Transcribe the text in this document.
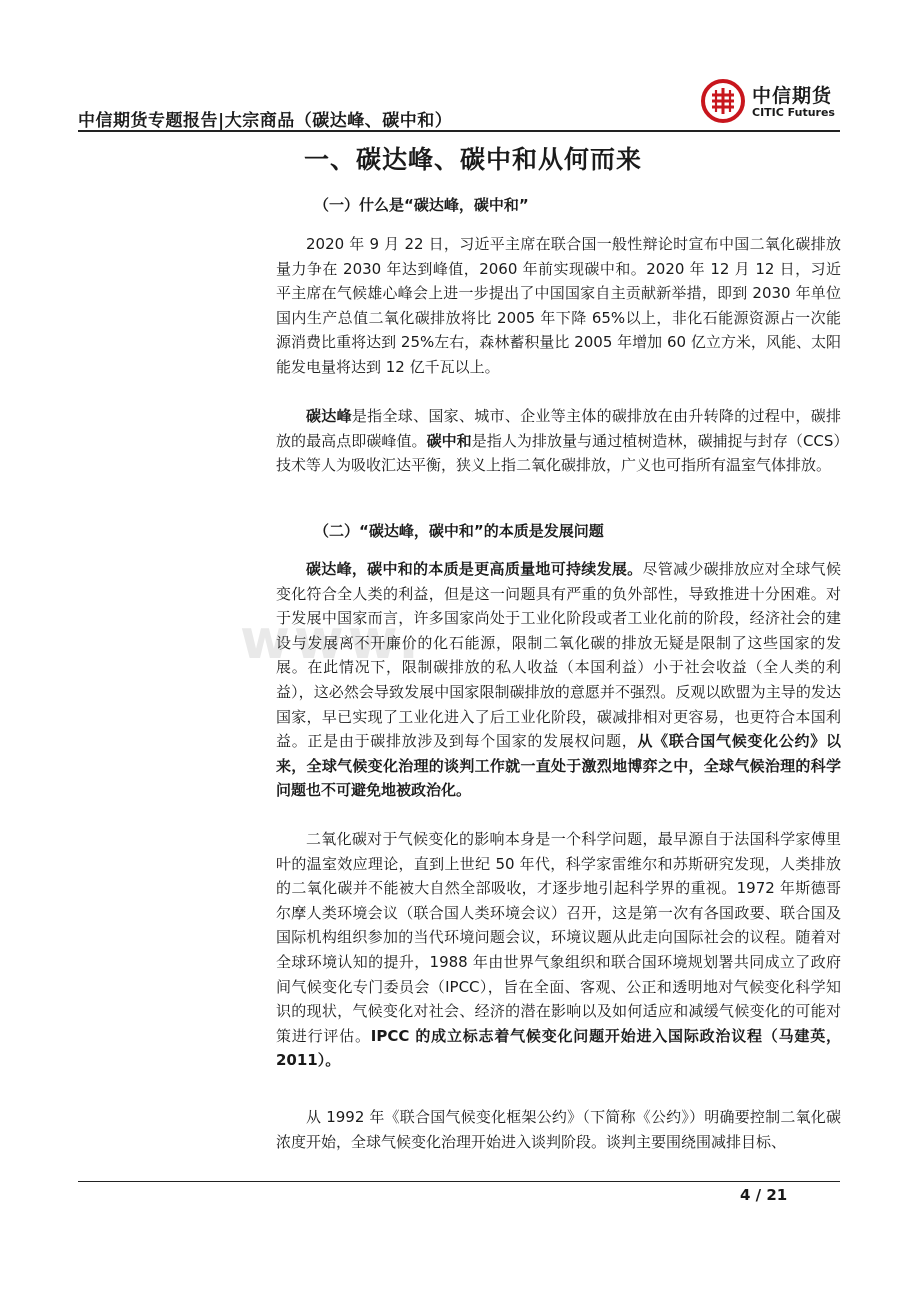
中信期货专题报告|大宗商品（碳达峰、碳中和）
中信期货
CITIC Futures
www.
一、碳达峰、碳中和从何而来
（一）什么是“碳达峰，碳中和”

2020 年 9 月 22 日，习近平主席在联合国一般性辩论时宣布中国二氧化碳排放量力争在 2030 年达到峰值，2060 年前实现碳中和。2020 年 12 月 12 日，习近平主席在气候雄心峰会上进一步提出了中国国家自主贡献新举措，即到 2030 年单位国内生产总值二氧化碳排放将比 2005 年下降 65%以上，非化石能源资源占一次能源消费比重将达到 25%左右，森林蓄积量比 2005 年增加 60 亿立方米，风能、太阳能发电量将达到 12 亿千瓦以上。

碳达峰是指全球、国家、城市、企业等主体的碳排放在由升转降的过程中，碳排放的最高点即碳峰值。碳中和是指人为排放量与通过植树造林，碳捕捉与封存（CCS）技术等人为吸收汇达平衡，狭义上指二氧化碳排放，广义也可指所有温室气体排放。

（二）“碳达峰，碳中和”的本质是发展问题

碳达峰，碳中和的本质是更高质量地可持续发展。尽管减少碳排放应对全球气候变化符合全人类的利益，但是这一问题具有严重的负外部性，导致推进十分困难。对于发展中国家而言，许多国家尚处于工业化阶段或者工业化前的阶段，经济社会的建设与发展离不开廉价的化石能源，限制二氧化碳的排放无疑是限制了这些国家的发展。在此情况下，限制碳排放的私人收益（本国利益）小于社会收益（全人类的利益），这必然会导致发展中国家限制碳排放的意愿并不强烈。反观以欧盟为主导的发达国家，早已实现了工业化进入了后工业化阶段，碳减排相对更容易，也更符合本国利益。正是由于碳排放涉及到每个国家的发展权问题，从《联合国气候变化公约》以来，全球气候变化治理的谈判工作就一直处于激烈地博弈之中，全球气候治理的科学问题也不可避免地被政治化。

二氧化碳对于气候变化的影响本身是一个科学问题，最早源自于法国科学家傅里叶的温室效应理论，直到上世纪 50 年代，科学家雷维尔和苏斯研究发现，人类排放的二氧化碳并不能被大自然全部吸收，才逐步地引起科学界的重视。1972 年斯德哥尔摩人类环境会议（联合国人类环境会议）召开，这是第一次有各国政要、联合国及国际机构组织参加的当代环境问题会议，环境议题从此走向国际社会的议程。随着对全球环境认知的提升，1988 年由世界气象组织和联合国环境规划署共同成立了政府间气候变化专门委员会（IPCC），旨在全面、客观、公正和透明地对气候变化科学知识的现状，气候变化对社会、经济的潜在影响以及如何适应和减缓气候变化的可能对策进行评估。IPCC 的成立标志着气候变化问题开始进入国际政治议程（马建英，2011）。

从 1992 年《联合国气候变化框架公约》（下简称《公约》）明确要控制二氧化碳浓度开始，全球气候变化治理开始进入谈判阶段。谈判主要围绕围减排目标、

4 / 21
